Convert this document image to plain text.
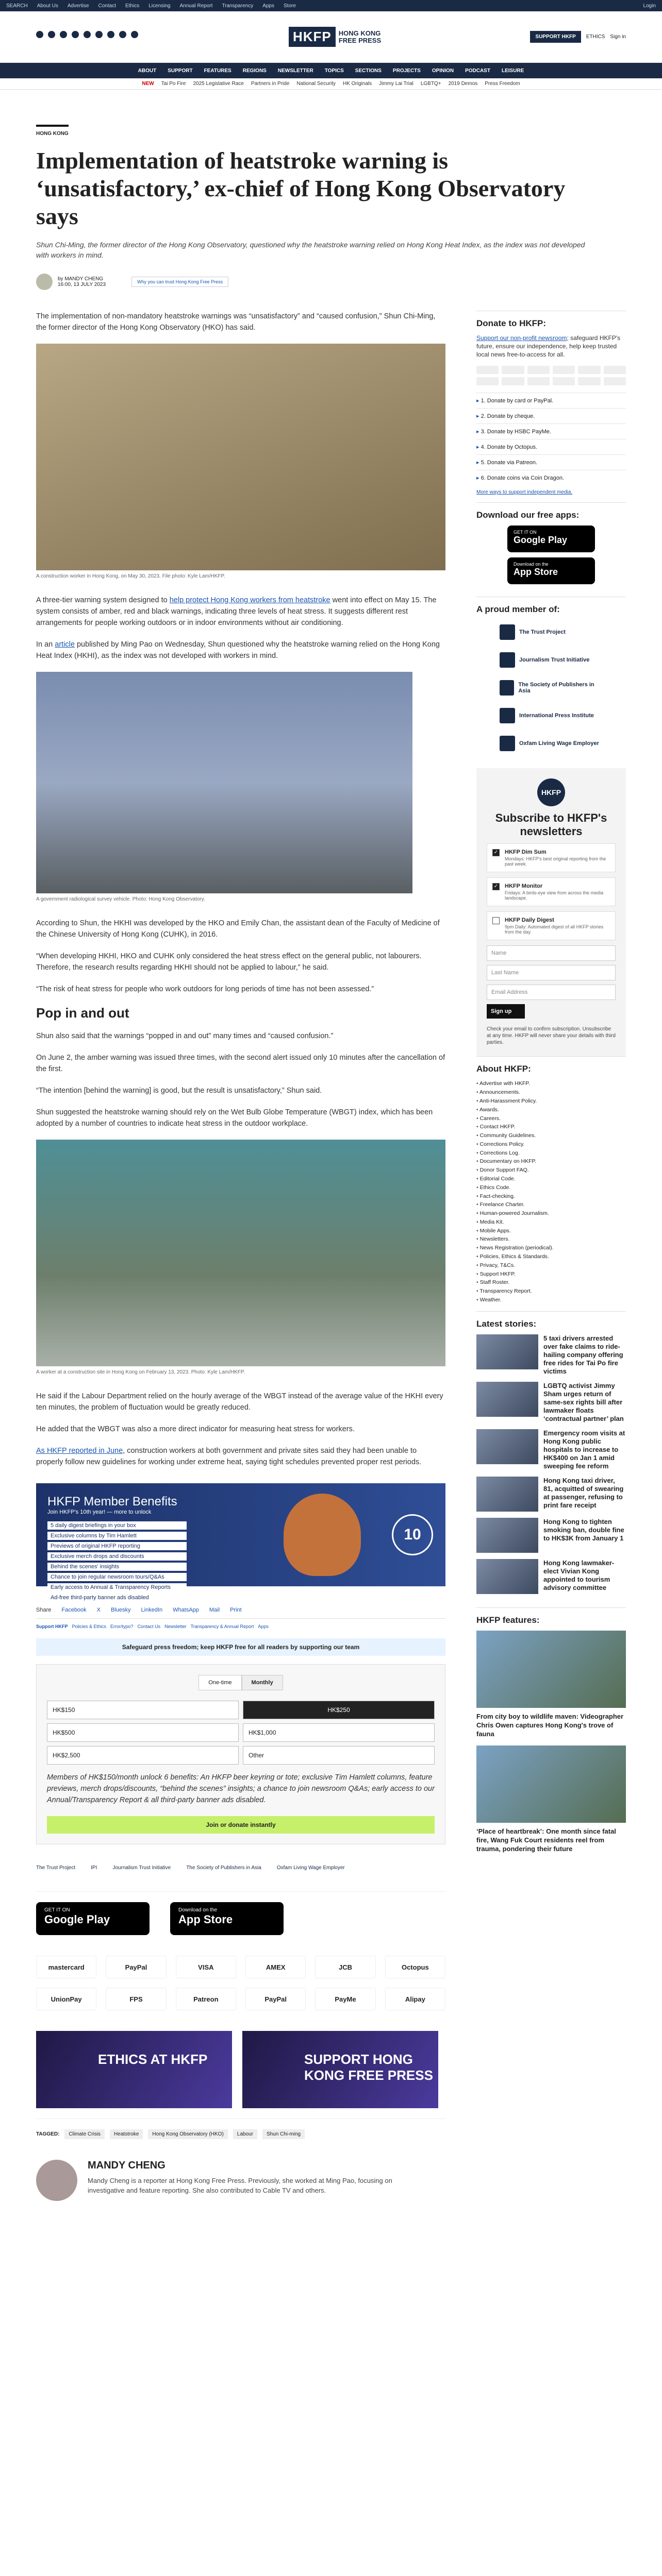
SEARCH About Us Advertise Contact Ethics Licensing Annual Report Transparency Apps Store	Login
HKFP	HONG KONG
FREE PRESS	SUPPORT HKFP	ETHICS Sign in
ABOUT SUPPORT FEATURES REGIONS NEWSLETTER TOPICS SECTIONS PROJECTS OPINION PODCAST LEISURE
NEW Tai Po Fire 2025 Legislative Race Partners in Pride National Security HK Originals Jimmy Lai Trial LGBTQ+ 2019 Demos Press Freedom
HONG KONG
Implementation of heatstroke warning is ‘unsatisfactory,’ ex-chief of Hong Kong Observatory says

Shun Chi-Ming, the former director of the Hong Kong Observatory, questioned why the heatstroke warning relied on Hong Kong Heat Index, as the index was not developed with workers in mind.

by MANDY CHENG
16:00, 13 JULY 2023	Why you can trust Hong Kong Free Press

The implementation of non-mandatory heatstroke warnings was “unsatisfactory” and “caused confusion,” Shun Chi-Ming, the former director of the Hong Kong Observatory (HKO) has said.

A construction worker in Hong Kong, on May 30, 2023. File photo: Kyle Lam/HKFP.

A three-tier warning system designed to help protect Hong Kong workers from heatstroke went into effect on May 15. The system consists of amber, red and black warnings, indicating three levels of heat stress. It suggests different rest arrangements for people working outdoors or in indoor environments without air conditioning.

In an article published by Ming Pao on Wednesday, Shun questioned why the heatstroke warning relied on the Hong Kong Heat Index (HKHI), as the index was not developed with workers in mind.

A government radiological survey vehicle. Photo: Hong Kong Observatory.

According to Shun, the HKHI was developed by the HKO and Emily Chan, the assistant dean of the Faculty of Medicine of the Chinese University of Hong Kong (CUHK), in 2016.

“When developing HKHI, HKO and CUHK only considered the heat stress effect on the general public, not labourers. Therefore, the research results regarding HKHI should not be applied to labour,” he said.

“The risk of heat stress for people who work outdoors for long periods of time has not been assessed.”

Pop in and out

Shun also said that the warnings “popped in and out” many times and “caused confusion.”

On June 2, the amber warning was issued three times, with the second alert issued only 10 minutes after the cancellation of the first.

“The intention [behind the warning] is good, but the result is unsatisfactory,” Shun said.

Shun suggested the heatstroke warning should rely on the Wet Bulb Globe Temperature (WBGT) index, which has been adopted by a number of countries to indicate heat stress in the outdoor workplace.

A worker at a construction site in Hong Kong on February 13, 2023. Photo: Kyle Lam/HKFP.

He said if the Labour Department relied on the hourly average of the WBGT instead of the average value of the HKHI every ten minutes, the problem of fluctuation would be greatly reduced.

He added that the WBGT was also a more direct indicator for measuring heat stress for workers.

As HKFP reported in June, construction workers at both government and private sites said they had been unable to properly follow new guidelines for working under extreme heat, saying tight schedules prevented proper rest periods.

HKFP Member Benefits
Join HKFP's 10th year! — more to unlock
5 daily digest briefings in your box
Exclusive columns by Tim Hamlett
Previews of original HKFP reporting
Exclusive merch drops and discounts
Behind the scenes' insights
Chance to join regular newsroom tours/Q&As
Early access to Annual & Transparency Reports
Ad-free third-party banner ads disabled
10
Share Facebook X Bluesky LinkedIn WhatsApp Mail Print
Support HKFP Policies & Ethics Error/typo? Contact Us Newsletter Transparency & Annual Report Apps
Safeguard press freedom; keep HKFP free for all readers by supporting our team
One-time	Monthly
HK$150	HK$250
HK$500	HK$1,000
HK$2,500	Other

Members of HK$150/month unlock 6 benefits: An HKFP beer keyring or tote; exclusive Tim Hamlett columns, feature previews, merch drops/discounts, “behind the scenes” insights; a chance to join newsroom Q&As; early access to our Annual/Transparency Report & all third-party banner ads disabled.

Join or donate instantly
The Trust Project	IPI	Journalism Trust Initiative	The Society of Publishers in Asia	Oxfam Living Wage Employer
GET IT ON
Google Play
Download on the
App Store
mastercard	PayPal	VISA	AMEX	JCB	Octopus
UnionPay	FPS	Patreon	PayPal	PayMe	Alipay
ETHICS AT HKFP	SUPPORT HONG KONG FREE PRESS
TAGGED:	Climate Crisis	Heatstroke	Hong Kong Observatory (HKO)	Labour	Shun Chi-ming
MANDY CHENG

Mandy Cheng is a reporter at Hong Kong Free Press. Previously, she worked at Ming Pao, focusing on investigative and feature reporting. She also contributed to Cable TV and others.

Donate to HKFP:

Support our non-profit newsroom; safeguard HKFP's future, ensure our independence, help keep trusted local news free-to-access for all.

▸ 1. Donate by card or PayPal.
▸ 2. Donate by cheque.
▸ 3. Donate by HSBC PayMe.
▸ 4. Donate by Octopus.
▸ 5. Donate via Patreon.
▸ 6. Donate coins via Coin Dragon.
More ways to support independent media.
Download our free apps:
GET IT ON
Google Play
Download on the
App Store
A proud member of:
The Trust Project
Journalism Trust Initiative
The Society of Publishers in Asia
International Press Institute
Oxfam Living Wage Employer
HKFP
Subscribe to HKFP's newsletters
✓ HKFP Dim Sum
Mondays: HKFP's best original reporting from the past week.
✓ HKFP Monitor
Fridays: A birds-eye view from across the media landscape.
HKFP Daily Digest
9pm Daily: Automated digest of all HKFP stories from the day.
Name
Last Name
Email Address
Sign up

Check your email to confirm subscription. Unsubscribe at any time. HKFP will never share your details with third parties.

About HKFP:
• Advertise with HKFP.
• Announcements.
• Anti-Harassment Policy.
• Awards.
• Careers.
• Contact HKFP.
• Community Guidelines.
• Corrections Policy.
• Corrections Log.
• Documentary on HKFP.
• Donor Support FAQ.
• Editorial Code.
• Ethics Code.
• Fact-checking.
• Freelance Charter.
• Human-powered Journalism.
• Media Kit.
• Mobile Apps.
• Newsletters.
• News Registration (periodical).
• Policies, Ethics & Standards.
• Privacy, T&Cs.
• Support HKFP.
• Staff Roster.
• Transparency Report.
• Weather.
Latest stories:
5 taxi drivers arrested over fake claims to ride-hailing company offering free rides for Tai Po fire victims
LGBTQ activist Jimmy Sham urges return of same-sex rights bill after lawmaker floats ‘contractual partner’ plan
Emergency room visits at Hong Kong public hospitals to increase to HK$400 on Jan 1 amid sweeping fee reform
Hong Kong taxi driver, 81, acquitted of swearing at passenger, refusing to print fare receipt
Hong Kong to tighten smoking ban, double fine to HK$3K from January 1
Hong Kong lawmaker-elect Vivian Kong appointed to tourism advisory committee
HKFP features:
From city boy to wildlife maven: Videographer Chris Owen captures Hong Kong's trove of fauna
‘Place of heartbreak’: One month since fatal fire, Wang Fuk Court residents reel from trauma, pondering their future
